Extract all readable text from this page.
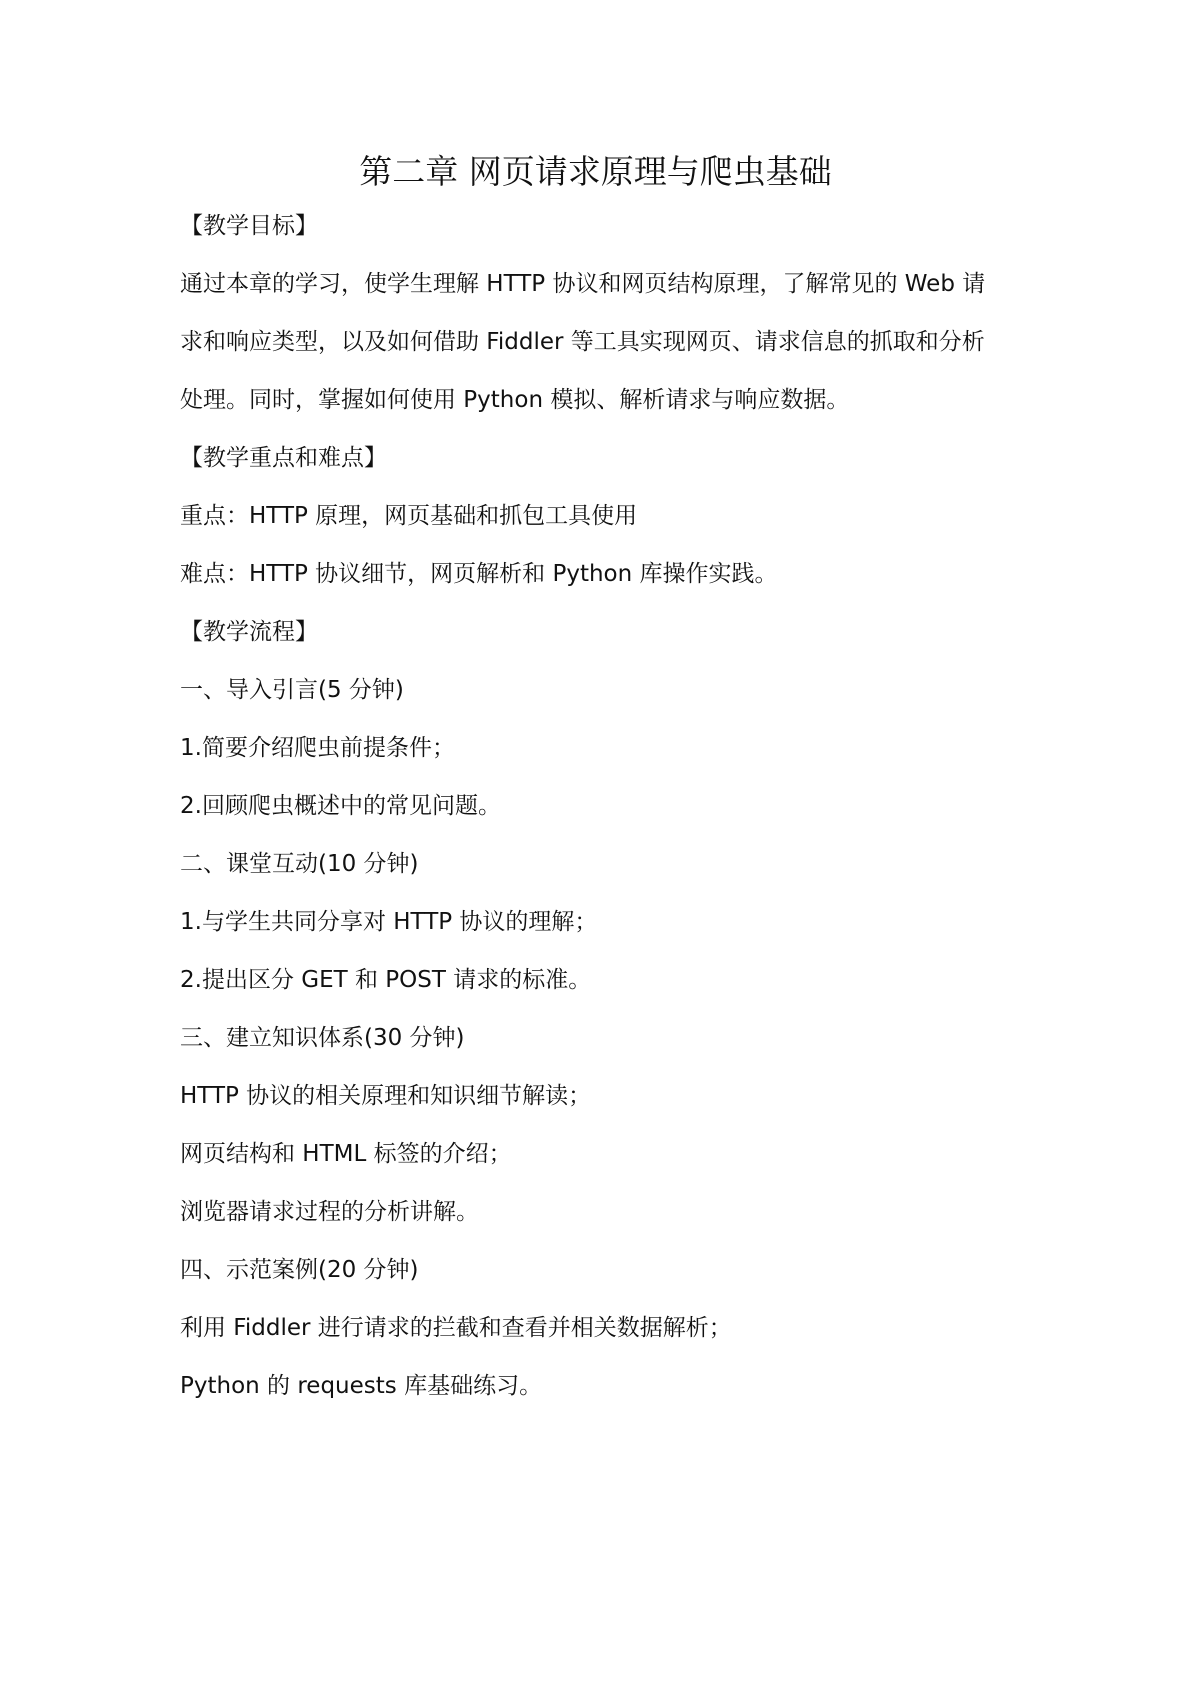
第二章 网页请求原理与爬虫基础
【教学目标】
通过本章的学习，使学生理解 HTTP 协议和网页结构原理，了解常见的 Web 请
求和响应类型，以及如何借助 Fiddler 等工具实现网页、请求信息的抓取和分析
处理。同时，掌握如何使用 Python 模拟、解析请求与响应数据。
【教学重点和难点】
重点：HTTP 原理，网页基础和抓包工具使用
难点：HTTP 协议细节，网页解析和 Python 库操作实践。
【教学流程】
一、导入引言(5 分钟)
1.简要介绍爬虫前提条件；
2.回顾爬虫概述中的常见问题。
二、课堂互动(10 分钟)
1.与学生共同分享对 HTTP 协议的理解；
2.提出区分 GET 和 POST 请求的标准。
三、建立知识体系(30 分钟)
HTTP 协议的相关原理和知识细节解读；
网页结构和 HTML 标签的介绍；
浏览器请求过程的分析讲解。
四、示范案例(20 分钟)
利用 Fiddler 进行请求的拦截和查看并相关数据解析；
Python 的 requests 库基础练习。
